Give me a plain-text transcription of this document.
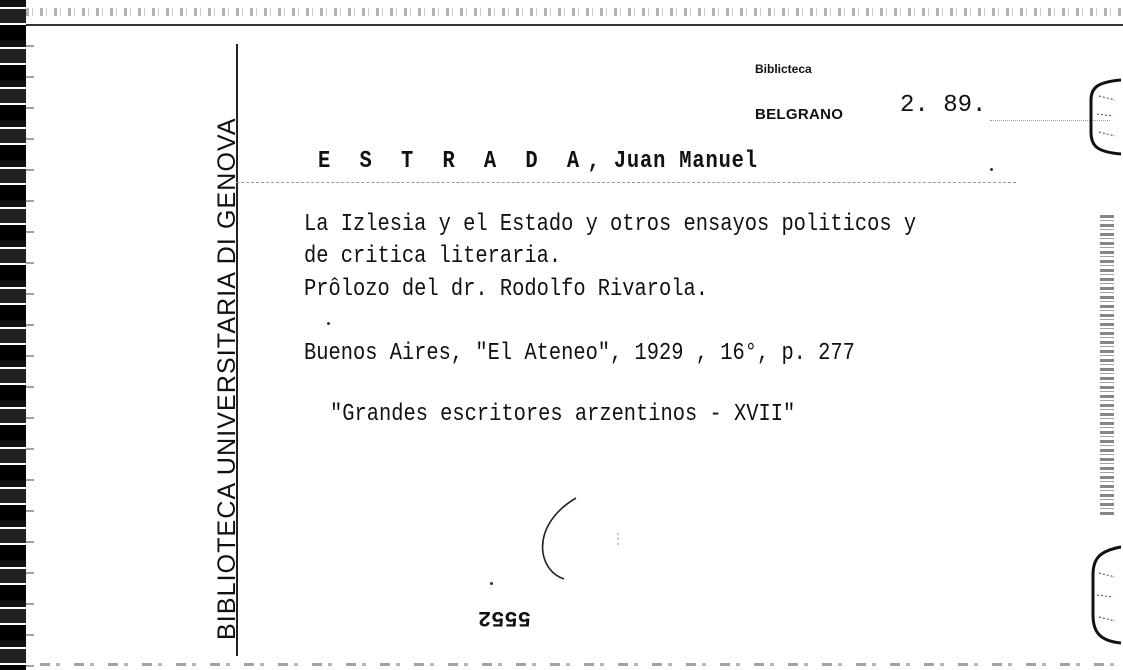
BIBLIOTECA UNIVERSITARIA DI GENOVA
Biblicteca
BELGRANO 2. 89.
E S T R A D A, Juan Manuel
La Izlesia y el Estado y otros ensayos politicos y
de critica literaria.
Prôlozo del dr. Rodolfo Rivarola.
Buenos Aires, "El Ateneo", 1929 , 16°, p. 277
"Grandes escritores arzentinos - XVII"
5552
